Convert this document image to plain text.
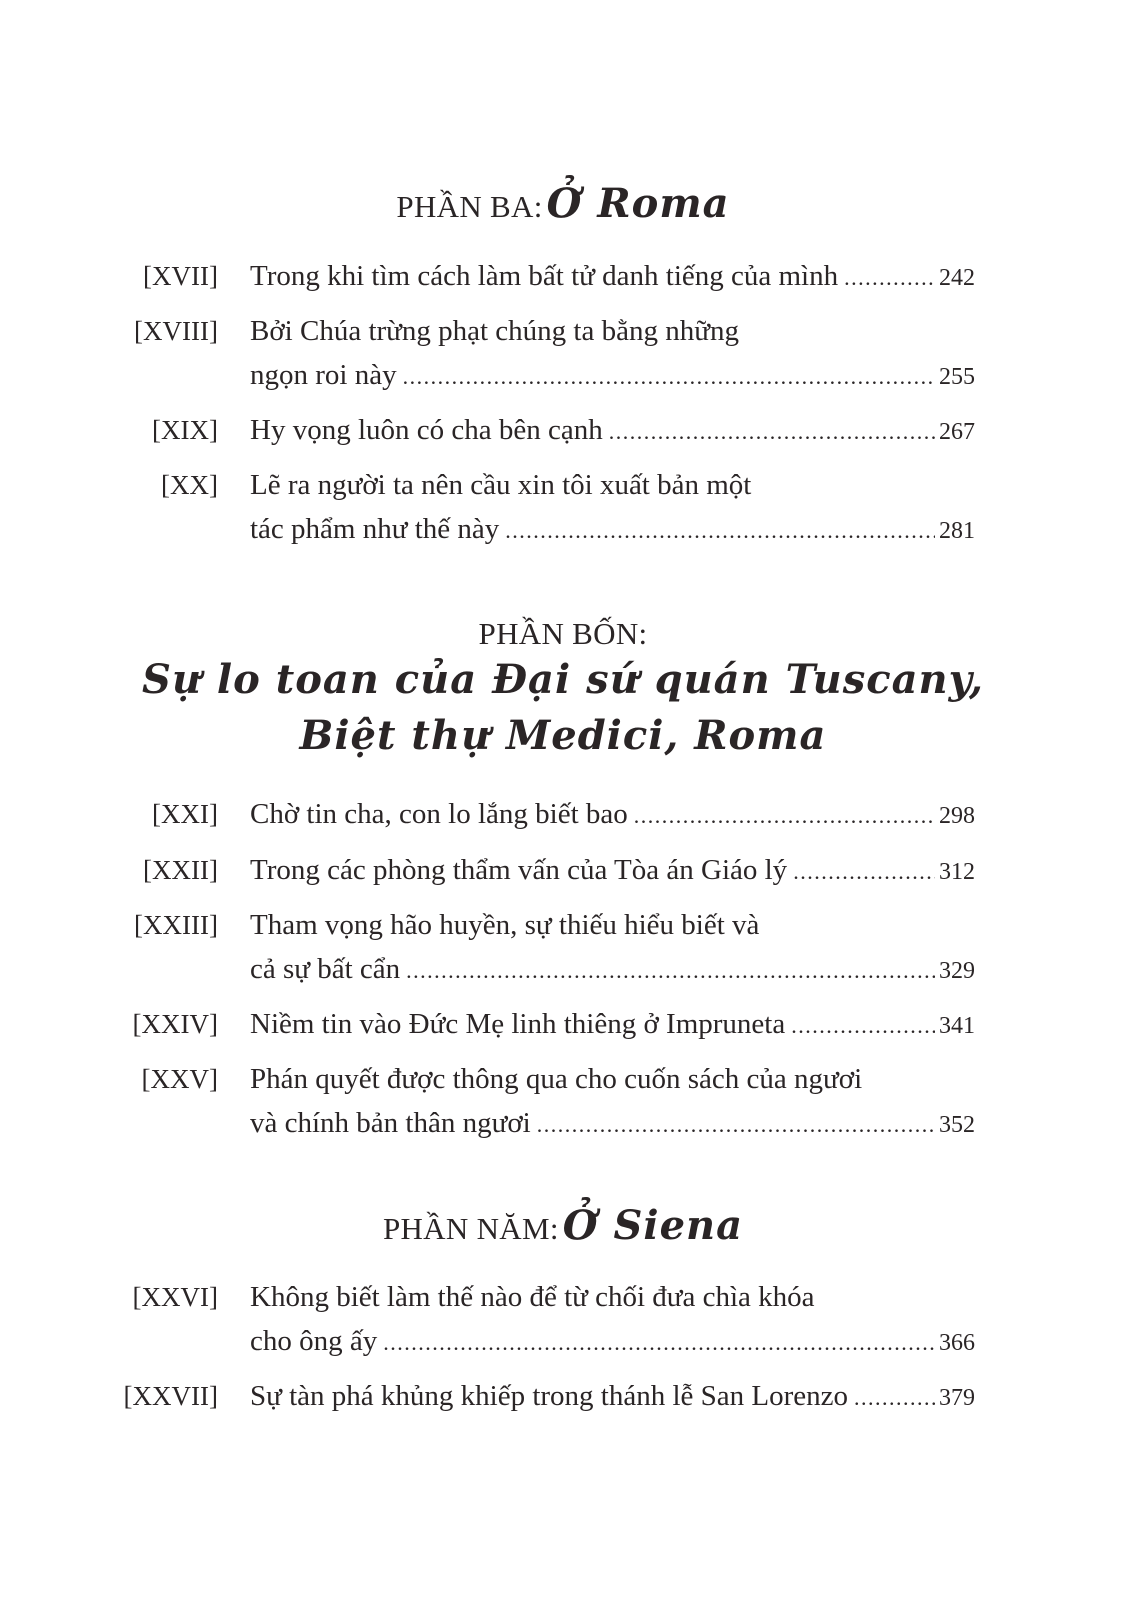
PHẦN BA: Ở Roma
[XVII] Trong khi tìm cách làm bất tử danh tiếng của mình .....	242
[XVIII] Bởi Chúa trừng phạt chúng ta bằng những
ngọn roi này .....	255
[XIX] Hy vọng luôn có cha bên cạnh .....	267
[XX] Lẽ ra người ta nên cầu xin tôi xuất bản một
tác phẩm như thế này .....	281
PHẦN BỐN:
Sự lo toan của Đại sứ quán Tuscany,
Biệt thự Medici, Roma
[XXI] Chờ tin cha, con lo lắng biết bao .....	298
[XXII] Trong các phòng thẩm vấn của Tòa án Giáo lý .....	312
[XXIII] Tham vọng hão huyền, sự thiếu hiểu biết và
cả sự bất cẩn .....	329
[XXIV] Niềm tin vào Đức Mẹ linh thiêng ở Impruneta .....	341
[XXV] Phán quyết được thông qua cho cuốn sách của ngươi
và chính bản thân ngươi .....	352
PHẦN NĂM: Ở Siena
[XXVI] Không biết làm thế nào để từ chối đưa chìa khóa
cho ông ấy .....	366
[XXVII] Sự tàn phá khủng khiếp trong thánh lễ San Lorenzo .....	379
